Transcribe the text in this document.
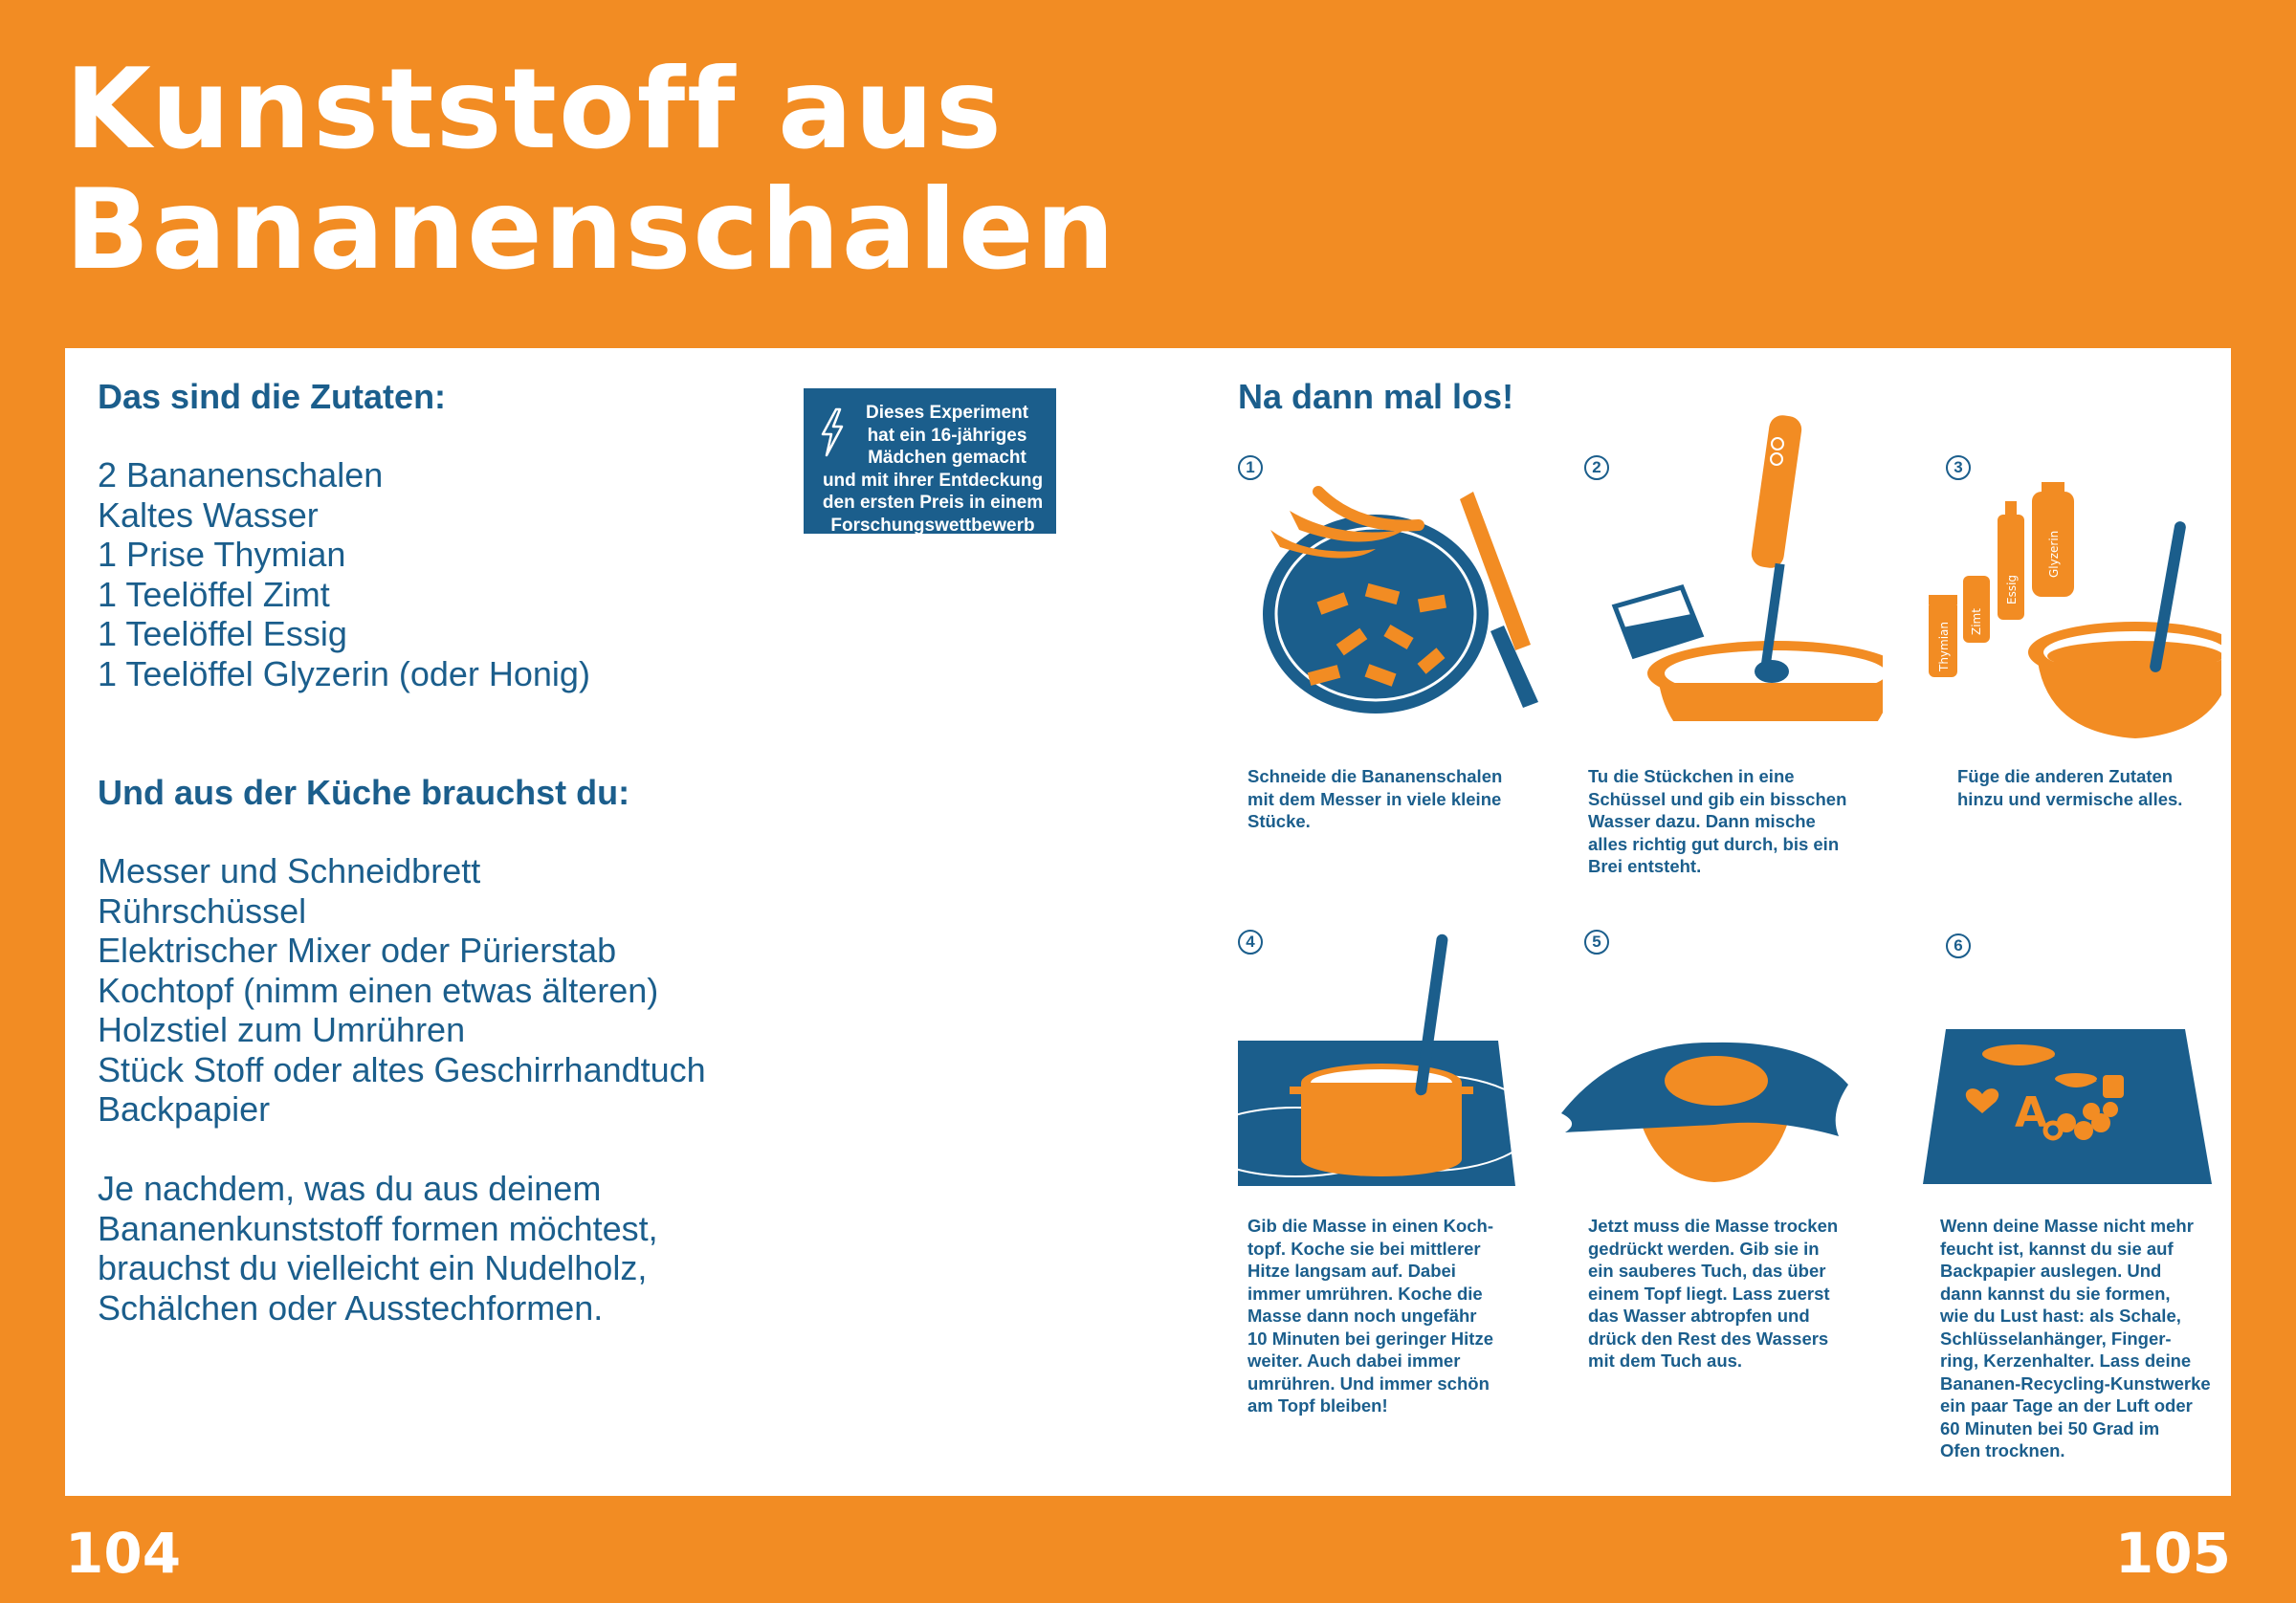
Kunststoff aus
Bananenschalen
Das sind die Zutaten:
2 Bananenschalen
Kaltes Wasser
1 Prise Thymian
1 Teelöffel Zimt
1 Teelöffel Essig
1 Teelöffel Glyzerin (oder Honig)
Und aus der Küche brauchst du:
Messer und Schneidbrett
Rührschüssel
Elektrischer Mixer oder Pürierstab
Kochtopf (nimm einen etwas älteren)
Holzstiel zum Umrühren
Stück Stoff oder altes Geschirrhandtuch
Backpapier

Je nachdem, was du aus deinem
Bananenkunststoff formen möchtest,
brauchst du vielleicht ein Nudelholz,
Schälchen oder Ausstechformen.

Dieses Experiment
hat ein 16-jähriges
Mädchen gemacht
und mit ihrer Entdeckung
den ersten Preis in einem
Forschungswettbewerb
gewonnen.
Na dann mal los!
1

Schneide die Bananenschalen
mit dem Messer in viele kleine
Stücke.

2

Tu die Stückchen in eine
Schüssel und gib ein bisschen
Wasser dazu. Dann mische
alles richtig gut durch, bis ein
Brei entsteht.

3
Thymian Zimt
Essig
Glyzerin

Füge die anderen Zutaten
hinzu und vermische alles.

4

Gib die Masse in einen Koch-
topf. Koche sie bei mittlerer
Hitze langsam auf. Dabei
immer umrühren. Koche die
Masse dann noch ungefähr
10 Minuten bei geringer Hitze
weiter. Auch dabei immer
umrühren. Und immer schön
am Topf bleiben!

5

Jetzt muss die Masse trocken
gedrückt werden. Gib sie in
ein sauberes Tuch, das über
einem Topf liegt. Lass zuerst
das Wasser abtropfen und
drück den Rest des Wassers
mit dem Tuch aus.

6
A

Wenn deine Masse nicht mehr
feucht ist, kannst du sie auf
Backpapier auslegen. Und
dann kannst du sie formen,
wie du Lust hast: als Schale,
Schlüsselanhänger, Finger-
ring, Kerzenhalter. Lass deine
Bananen-Recycling-Kunstwerke
ein paar Tage an der Luft oder
60 Minuten bei 50 Grad im
Ofen trocknen.

104	105
